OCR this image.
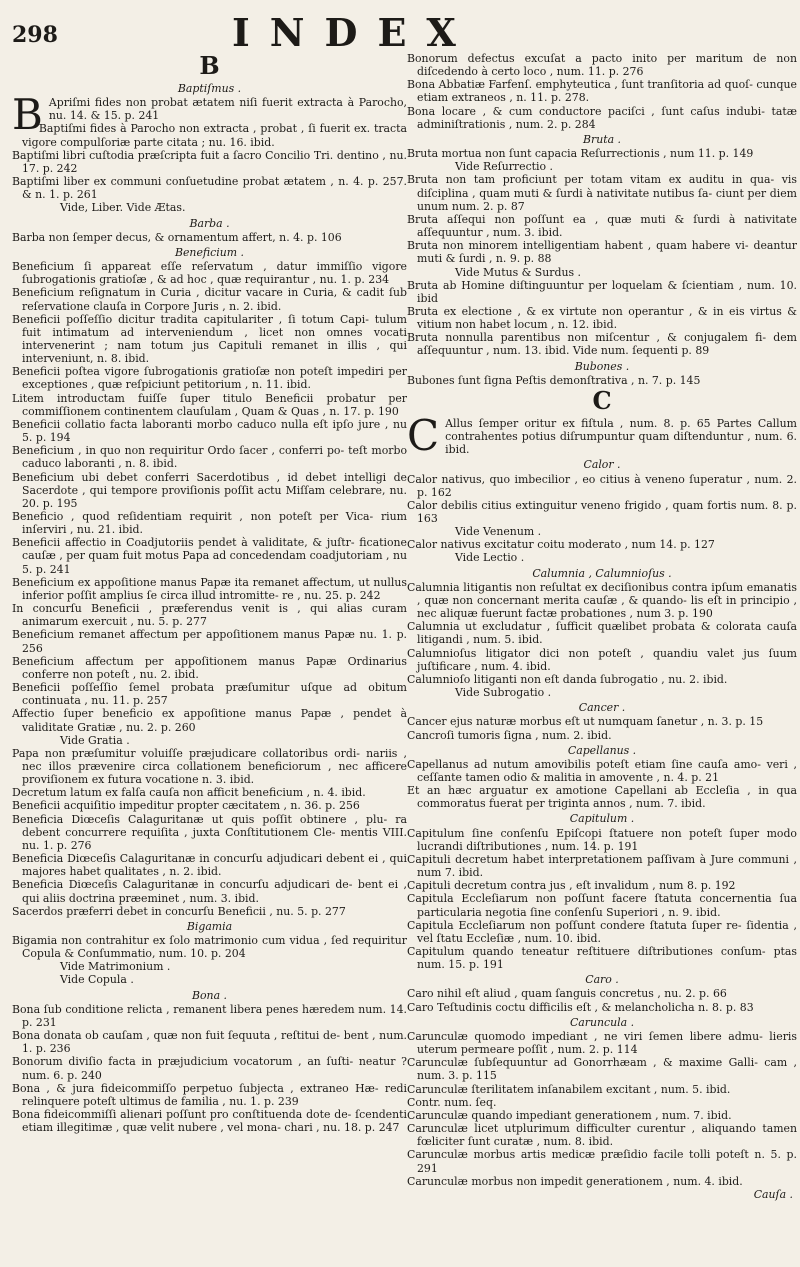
298	INDEX

B

Baptiſmus .

B Apriſmi fides non probat ætatem niſi fuerit extracta à Parocho, nu. 14. & 15. p. 241

Baptiſmi fides à Parocho non extracta , probat , ſi fuerit ex. tracta vigore compulſoriæ parte citata ; nu. 16. ibid.

Baptiſmi libri cuſtodia præſcripta fuit a ſacro Concilio Tri. dentino , nu. 17. p. 242

Baptiſmi liber ex communi conſuetudine probat ætatem , n. 4. p. 257. & n. 1. p. 261

Vide, Liber. Vide Ætas.

Barba .

Barba non ſemper decus, & ornamentum affert, n. 4. p. 106

Beneficium .

Beneficium ſi appareat eſſe reſervatum , datur immiſſio vigore ſubrogationis gratioſæ , & ad hoc , quæ requirantur , nu. 1. p. 234

Beneficium reſignatum in Curia , dicitur vacare in Curia, & cadit ſub reſervatione clauſa in Corpore Juris , n. 2. ibid.

Beneficii poſſeſſio dicitur tradita capitulariter , ſi totum Capi- tulum fuit intimatum ad interveniendum , licet non omnes vocati intervenerint ; nam totum jus Capituli remanet in illis , qui interveniunt, n. 8. ibid.

Beneficii poſtea vigore ſubrogationis gratioſæ non poteſt impediri per exceptiones , quæ reſpiciunt petitorium , n. 11. ibid.

Litem introductam fuiſſe ſuper titulo Beneficii probatur per commiſſionem continentem clauſulam , Quam & Quas , n. 17. p. 190

Beneficii collatio facta laboranti morbo caduco nulla eſt ipſo jure , nu 5. p. 194

Beneficium , in quo non requiritur Ordo ſacer , conferri po- teſt morbo caduco laboranti , n. 8. ibid.

Beneficium ubi debet conferri Sacerdotibus , id debet intelligi de Sacerdote , qui tempore proviſionis poſſit actu Miſſam celebrare, nu. 20. p. 195

Beneficio , quod reſidentiam requirit , non poteſt per Vica- rium inſerviri , nu. 21. ibid.

Beneficii affectio in Coadjutoriis pendet à validitate, & juſtr- ficatione cauſæ , per quam fuit motus Papa ad concedendam coadjutoriam , nu 5. p. 241

Beneficium ex appoſitione manus Papæ ita remanet affectum, ut nullus inferior poſſit amplius ſe circa illud intromitte- re , nu. 25. p. 242

In concurſu Beneficii , præferendus venit is , qui alias curam animarum exercuit , nu. 5. p. 277

Beneficium remanet affectum per appoſitionem manus Papæ nu. 1. p. 256

Beneficium affectum per appoſitionem manus Papæ Ordinarius conferre non poteſt , nu. 2. ibid.

Beneficii poſſeſſio ſemel probata præſumitur uſque ad obitum continuata , nu. 11. p. 257

Affectio ſuper beneficio ex appoſitione manus Papæ , pendet à validitate Gratiæ , nu. 2. p. 260

Vide Gratia .

Papa non præſumitur voluiſſe præjudicare collatoribus ordi- nariis , nec illos prævenire circa collationem beneficiorum , nec afficere proviſionem ex futura vocatione n. 3. ibid.

Decretum latum ex falſa cauſa non afficit beneficium , n. 4. ibid.

Beneficii acquiſitio impeditur propter cæcitatem , n. 36. p. 256

Beneficia Diœceſis Calaguritanæ ut quis poſſit obtinere , plu- ra debent concurrere requiſita , juxta Conſtitutionem Cle- mentis VIII. nu. 1. p. 276

Beneficia Diœceſis Calaguritanæ in concurſu adjudicari debent ei , qui majores habet qualitates , n. 2. ibid.

Beneficia Diœceſis Calaguritanæ in concurſu adjudicari de- bent ei , qui aliis doctrina præeminet , num. 3. ibid.

Sacerdos præferri debet in concurſu Beneficii , nu. 5. p. 277

Bigamia

Bigamia non contrahitur ex ſolo matrimonio cum vidua , ſed requiritur Copula & Conſummatio, num. 10. p. 204

Vide Matrimonium .

Vide Copula .

Bona .

Bona ſub conditione relicta , remanent libera penes hæredem num. 14. p. 231

Bona donata ob cauſam , quæ non fuit ſequuta , reſtitui de- bent , num. 1. p. 236

Bonorum diviſio facta in præjudicium vocatorum , an ſuſti- neatur ? num. 6. p. 240

Bona , & jura fideicommiſſo perpetuo ſubjecta , extraneo Hæ- redi relinquere poteſt ultimus de familia , nu. 1. p. 239

Bona fideicommiſſi alienari poſſunt pro conſtituenda dote de- ſcendenti etiam illegitimæ , quæ velit nubere , vel mona- chari , nu. 18. p. 247

Bonorum defectus excuſat a pacto inito per maritum de non diſcedendo à certo loco , num. 11. p. 276

Bona Abbatiæ Farfenſ. emphyteutica , ſunt tranſitoria ad quoſ- cunque etiam extraneos , n. 11. p. 278.

Bona locare , & cum conductore paciſci , ſunt caſus indubi- tatæ adminiſtrationis , num. 2. p. 284

Bruta .

Bruta mortua non ſunt capacia Reſurrectionis , num 11. p. 149

Vide Reſurrectio .

Bruta non tam proficiunt per totam vitam ex auditu in qua- vis diſciplina , quam muti & ſurdi à nativitate nutibus ſa- ciunt per diem unum num. 2. p. 87

Bruta aſſequi non poſſunt ea , quæ muti & ſurdi à nativitate aſſequuntur , num. 3. ibid.

Bruta non minorem intelligentiam habent , quam habere vi- deantur muti & ſurdi , n. 9. p. 88

Vide Mutus & Surdus .

Bruta ab Homine diſtinguuntur per loquelam & ſcientiam , num. 10. ibid

Bruta ex electione , & ex virtute non operantur , & in eis virtus & vitium non habet locum , n. 12. ibid.

Bruta nonnulla parentibus non miſcentur , & conjugalem fi- dem aſſequuntur , num. 13. ibid. Vide num. ſequenti p. 89

Bubones .

Bubones ſunt ſigna Peſtis demonſtrativa , n. 7. p. 145

C

C Allus ſemper oritur ex fiſtula , num. 8. p. 65 Partes Callum contrahentes potius diſrumpuntur quam diſtenduntur , num. 6. ibid.

Calor .

Calor nativus, quo imbecilior , eo citius à veneno ſuperatur , num. 2. p. 162

Calor debilis citius extinguitur veneno frigido , quam fortis num. 8. p. 163

Vide Venenum .

Calor nativus excitatur coitu moderato , num 14. p. 127

Vide Lectio .

Calumnia , Calumnioſus .

Calumnia litigantis non reſultat ex deciſionibus contra ipſum emanatis , quæ non concernant merita cauſæ , & quando- lis eſt in principio , nec aliquæ fuerunt factæ probationes , num 3. p. 190

Calumnia ut excludatur , ſufficit quælibet probata & colorata cauſa litigandi , num. 5. ibid.

Calumnioſus litigator dici non poteſt , quandiu valet jus ſuum juſtificare , num. 4. ibid.

Calumnioſo litiganti non eſt danda ſubrogatio , nu. 2. ibid.

Vide Subrogatio .

Cancer .

Cancer ejus naturæ morbus eſt ut numquam ſanetur , n. 3. p. 15

Cancroſi tumoris ſigna , num. 2. ibid.

Capellanus .

Capellanus ad nutum amovibilis poteſt etiam ſine cauſa amo- veri , ceſſante tamen odio & malitia in amovente , n. 4. p. 21

Et an hæc arguatur ex amotione Capellani ab Eccleſia , in qua commoratus fuerat per triginta annos , num. 7. ibid.

Capitulum .

Capitulum ſine conſenſu Epiſcopi ſtatuere non poteſt ſuper modo lucrandi diſtributiones , num. 14. p. 191

Capituli decretum habet interpretationem paſſivam à Jure communi , num 7. ibid.

Capituli decretum contra jus , eſt invalidum , num 8. p. 192

Capitula Eccleſiarum non poſſunt facere ſtatuta concernentia ſua particularia negotia ſine conſenſu Superiori , n. 9. ibid.

Capitula Eccleſiarum non poſſunt condere ſtatuta ſuper re- ſidentia , vel ſtatu Eccleſiæ , num. 10. ibid.

Capitulum quando teneatur reſtituere diſtributiones conſum- ptas num. 15. p. 191

Caro .

Caro nihil eſt aliud , quam ſanguis concretus , nu. 2. p. 66

Caro Teſtudinis coctu difficilis eſt , & melancholicha n. 8. p. 83

Caruncula .

Carunculæ quomodo impediant , ne viri ſemen libere admu- lieris uterum permeare poſſit , num. 2. p. 114

Carunculæ ſubſequuntur ad Gonorrhæam , & maxime Galli- cam , num. 3. p. 115

Carunculæ ſterilitatem inſanabilem excitant , num. 5. ibid.

Contr. num. ſeq.

Carunculæ quando impediant generationem , num. 7. ibid.

Carunculæ licet utplurimum difficulter curentur , aliquando tamen fœliciter ſunt curatæ , num. 8. ibid.

Carunculæ morbus artis medicæ præſidio facile tolli poteſt n. 5. p. 291

Carunculæ morbus non impedit generationem , num. 4. ibid.

Cauſa .
